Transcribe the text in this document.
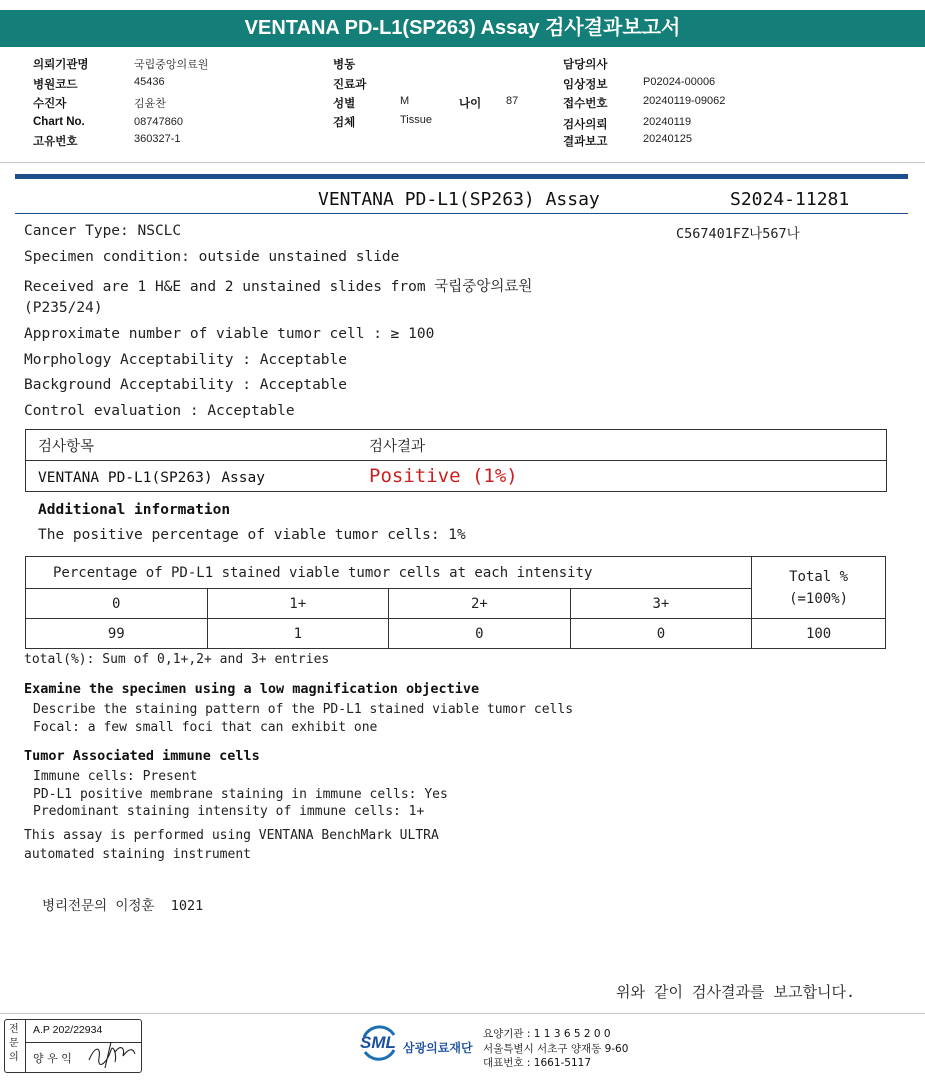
VENTANA PD-L1(SP263) Assay 검사결과보고서
의뢰기관명	국립중앙의료원
병원코드	45436
수진자	김윤찬
Chart No.	08747860
고유번호	360327-1
병동
진료과
성별	M	나이 87
검체	Tissue
담당의사
임상정보	P02024-00006
접수번호	20240119-09062
검사의뢰	20240119
결과보고	20240125
VENTANA PD-L1(SP263) Assay	S2024-11281
C567401FZ나567나
Cancer Type: NSCLC
Specimen condition: outside unstained slide
Received are 1 H&E and 2 unstained slides from 국립중앙의료원
(P235/24)
Approximate number of viable tumor cell : ≥ 100
Morphology Acceptability : Acceptable
Background Acceptability : Acceptable
Control evaluation : Acceptable
검사항목	검사결과
VENTANA PD-L1(SP263) Assay	Positive (1%)
Additional information
The positive percentage of viable tumor cells: 1%
Percentage of PD-L1 stained viable tumor cells at each intensity				Total %
(=100%)

0	1+	2+	3+	
99	1	0	0	100
total(%): Sum of 0,1+,2+ and 3+ entries
Examine the specimen using a low magnification objective
Describe the staining pattern of the PD-L1 stained viable tumor cells
Focal: a few small foci that can exhibit one
Tumor Associated immune cells
Immune cells: Present
PD-L1 positive membrane staining in immune cells: Yes
Predominant staining intensity of immune cells: 1+
This assay is performed using VENTANA BenchMark ULTRA
automated staining instrument
병리전문의 이정훈  1021
위와 같이 검사결과를 보고합니다.
전문의
A.P 202/22934
양 우 익
SML 삼광의료재단
요양기관 : 1 1 3 6 5 2 0 0
서울특별시 서초구 양재동 9-60
대표번호 : 1661-5117
